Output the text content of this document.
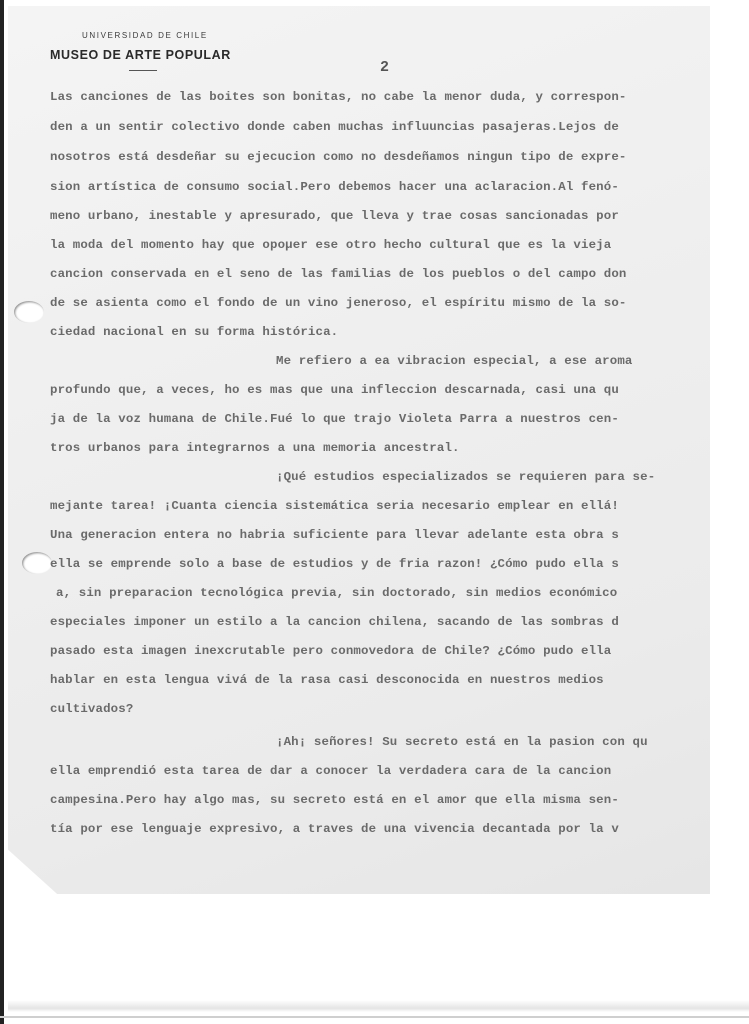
UNIVERSIDAD DE CHILE
MUSEO DE ARTE POPULAR
2
Las canciones de las boites son bonitas, no cabe la menor duda, y correspon-
den a un sentir colectivo donde caben muchas influuncias pasajeras.Lejos de
nosotros está desdeñar su ejecucion como no desdeñamos ningun tipo de expre-
sion artística de consumo social.Pero debemos hacer una aclaracion.Al fenó-
meno urbano, inestable y apresurado, que lleva y trae cosas sancionadas por
la moda del momento hay que opoµer ese otro hecho cultural que es la vieja
cancion conservada en el seno de las familias de los pueblos o del campo don
de se asienta como el fondo de un vino jeneroso, el espíritu mismo de la so-
ciedad nacional en su forma histórica.
Me refiero a ea vibracion especial, a ese aroma
profundo que, a veces, ho es mas que una infleccion descarnada, casi una qu
ja de la voz humana de Chile.Fué lo que trajo Violeta Parra a nuestros cen-
tros urbanos para integrarnos a una memoria ancestral.
¡Qué estudios especializados se requieren para se-
mejante tarea! ¡Cuanta ciencia sistemática seria necesario emplear en ellá!
Una generacion entera no habria suficiente para llevar adelante esta obra s
ella se emprende solo a base de estudios y de fria razon! ¿Cómo pudo ella s
a, sin preparacion tecnológica previa, sin doctorado, sin medios económico
especiales imponer un estilo a la cancion chilena, sacando de las sombras d
pasado esta imagen inexcrutable pero conmovedora de Chile? ¿Cómo pudo ella
hablar en esta lengua vivá de la rasa casi desconocida en nuestros medios
cultivados?
¡Ah¡ señores! Su secreto está en la pasion con qu
ella emprendió esta tarea de dar a conocer la verdadera cara de la cancion
campesina.Pero hay algo mas, su secreto está en el amor que ella misma sen-
tía por ese lenguaje expresivo, a traves de una vivencia decantada por la v
